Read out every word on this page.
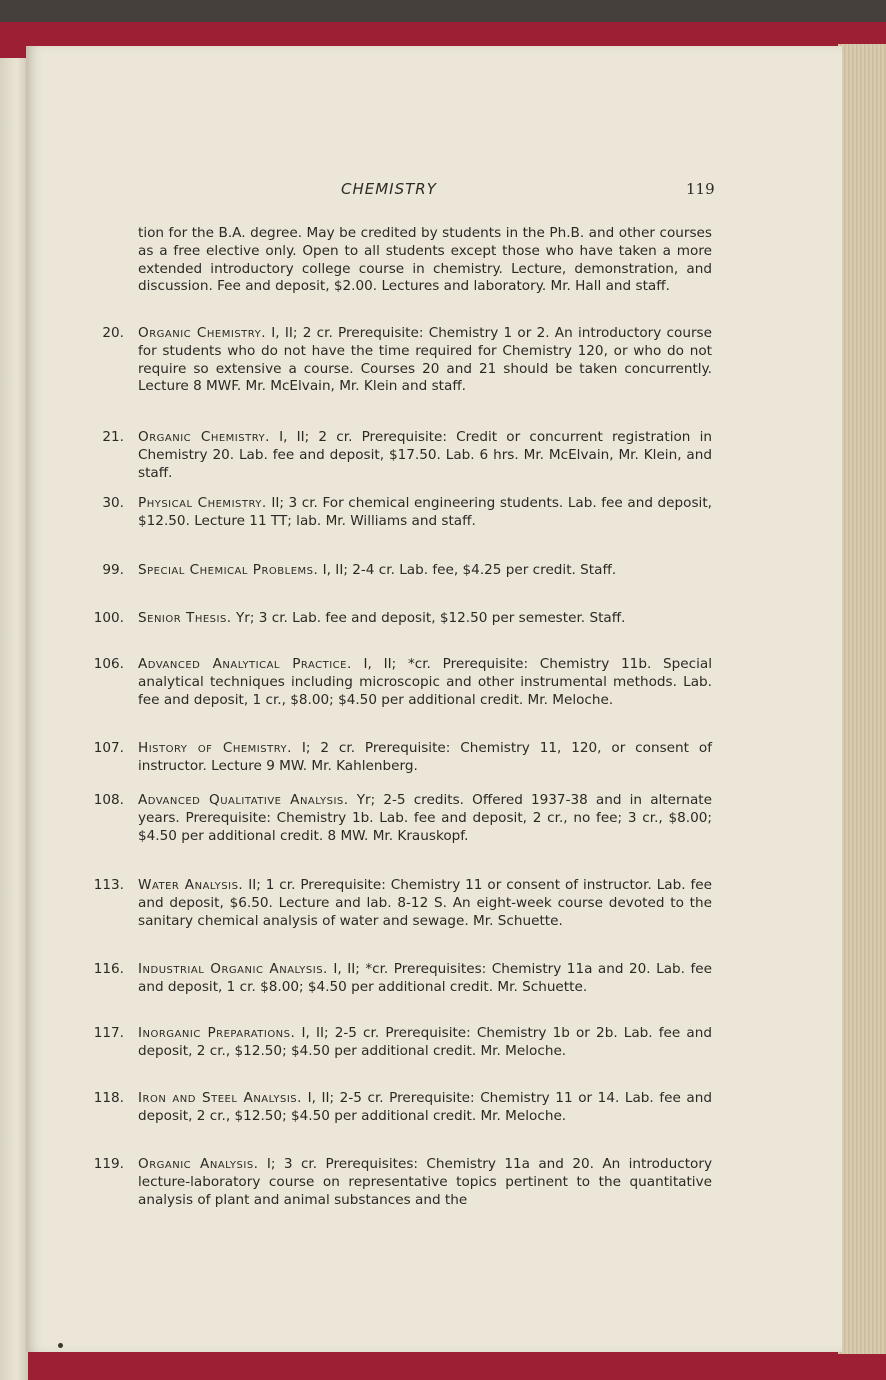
CHEMISTRY	119

tion for the B.A. degree. May be credited by students in the Ph.B. and other courses as a free elective only. Open to all students except those who have taken a more extended introductory college course in chemistry. Lecture, demonstration, and discussion. Fee and deposit, $2.00. Lectures and laboratory. Mr. Hall and staff.

20. Organic Chemistry. I, II; 2 cr. Prerequisite: Chemistry 1 or 2. An introductory course for students who do not have the time required for Chemistry 120, or who do not require so extensive a course. Courses 20 and 21 should be taken concurrently. Lecture 8 MWF. Mr. McElvain, Mr. Klein and staff.

21. Organic Chemistry. I, II; 2 cr. Prerequisite: Credit or concurrent registration in Chemistry 20. Lab. fee and deposit, $17.50. Lab. 6 hrs. Mr. McElvain, Mr. Klein, and staff.

30. Physical Chemistry. II; 3 cr. For chemical engineering students. Lab. fee and deposit, $12.50. Lecture 11 TT; lab. Mr. Williams and staff.

99. Special Chemical Problems. I, II; 2-4 cr. Lab. fee, $4.25 per credit. Staff.

100. Senior Thesis. Yr; 3 cr. Lab. fee and deposit, $12.50 per semester. Staff.

106. Advanced Analytical Practice. I, II; *cr. Prerequisite: Chemistry 11b. Special analytical techniques including microscopic and other instrumental methods. Lab. fee and deposit, 1 cr., $8.00; $4.50 per additional credit. Mr. Meloche.

107. History of Chemistry. I; 2 cr. Prerequisite: Chemistry 11, 120, or consent of instructor. Lecture 9 MW. Mr. Kahlenberg.

108. Advanced Qualitative Analysis. Yr; 2-5 credits. Offered 1937-38 and in alternate years. Prerequisite: Chemistry 1b. Lab. fee and deposit, 2 cr., no fee; 3 cr., $8.00; $4.50 per additional credit. 8 MW. Mr. Krauskopf.

113. Water Analysis. II; 1 cr. Prerequisite: Chemistry 11 or consent of instructor. Lab. fee and deposit, $6.50. Lecture and lab. 8-12 S. An eight-week course devoted to the sanitary chemical analysis of water and sewage. Mr. Schuette.

116. Industrial Organic Analysis. I, II; *cr. Prerequisites: Chemistry 11a and 20. Lab. fee and deposit, 1 cr. $8.00; $4.50 per additional credit. Mr. Schuette.

117. Inorganic Preparations. I, II; 2-5 cr. Prerequisite: Chemistry 1b or 2b. Lab. fee and deposit, 2 cr., $12.50; $4.50 per additional credit. Mr. Meloche.

118. Iron and Steel Analysis. I, II; 2-5 cr. Prerequisite: Chemistry 11 or 14. Lab. fee and deposit, 2 cr., $12.50; $4.50 per additional credit. Mr. Meloche.

119. Organic Analysis. I; 3 cr. Prerequisites: Chemistry 11a and 20. An introductory lecture-laboratory course on representative topics pertinent to the quantitative analysis of plant and animal substances and the
